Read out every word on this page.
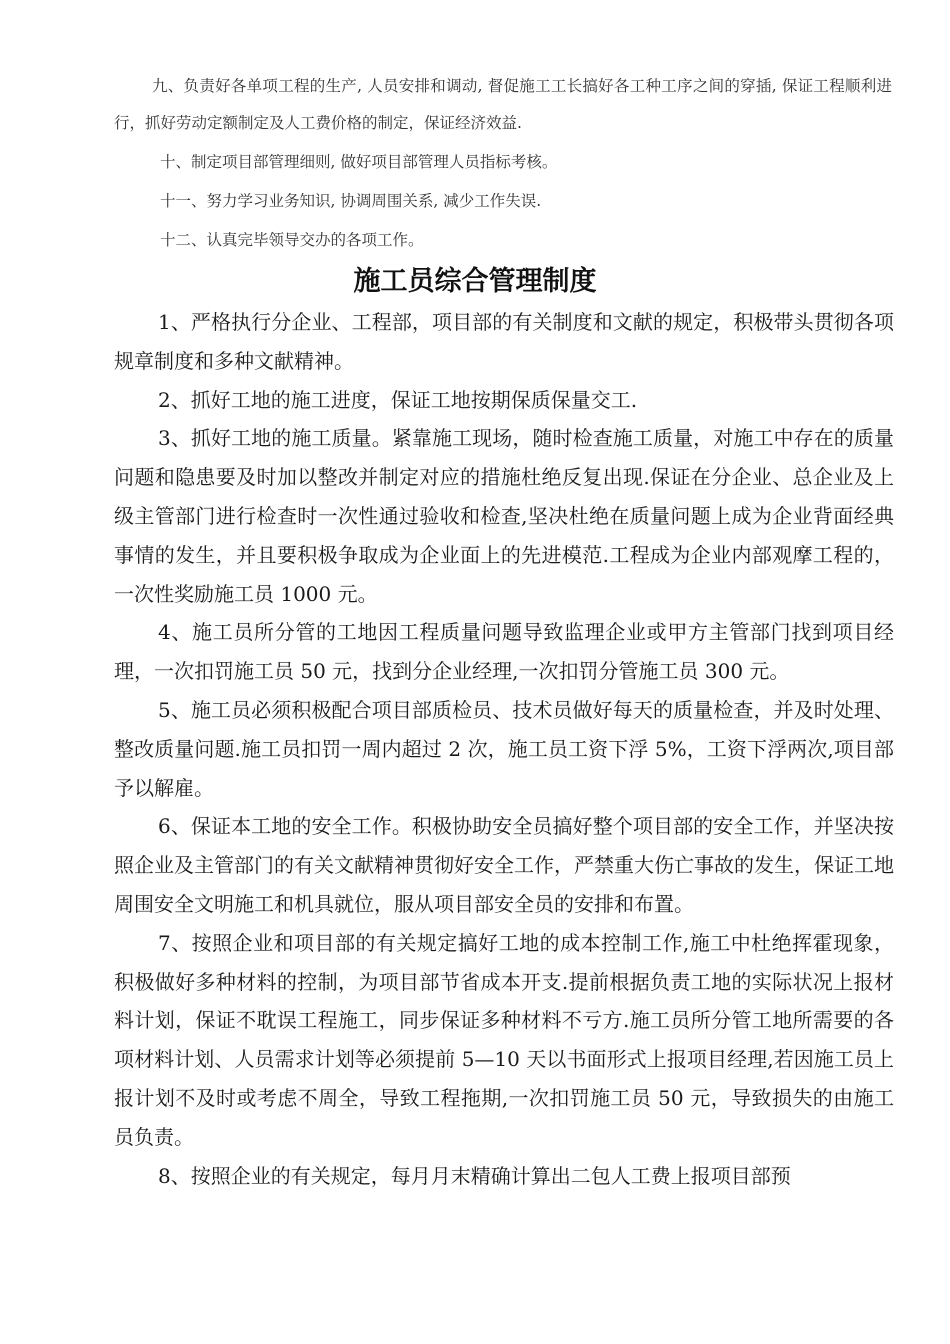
九、负责好各单项工程的生产, 人员安排和调动, 督促施工工长搞好各工种工序之间的穿插, 保证工程顺利进行，抓好劳动定额制定及人工费价格的制定，保证经济效益.

十、制定项目部管理细则, 做好项目部管理人员指标考核。

十一、努力学习业务知识, 协调周围关系, 减少工作失误.

十二、认真完毕领导交办的各项工作。

施工员综合管理制度

1、严格执行分企业、工程部，项目部的有关制度和文献的规定，积极带头贯彻各项规章制度和多种文献精神。

2、抓好工地的施工进度，保证工地按期保质保量交工.

3、抓好工地的施工质量。紧靠施工现场，随时检查施工质量，对施工中存在的质量问题和隐患要及时加以整改并制定对应的措施杜绝反复出现.保证在分企业、总企业及上级主管部门进行检查时一次性通过验收和检查,坚决杜绝在质量问题上成为企业背面经典事情的发生，并且要积极争取成为企业面上的先进模范.工程成为企业内部观摩工程的，一次性奖励施工员 1000 元。

4、施工员所分管的工地因工程质量问题导致监理企业或甲方主管部门找到项目经理，一次扣罚施工员 50 元，找到分企业经理,一次扣罚分管施工员 300 元。

5、施工员必须积极配合项目部质检员、技术员做好每天的质量检查，并及时处理、整改质量问题.施工员扣罚一周内超过 2 次，施工员工资下浮 5%，工资下浮两次,项目部予以解雇。

6、保证本工地的安全工作。积极协助安全员搞好整个项目部的安全工作，并坚决按照企业及主管部门的有关文献精神贯彻好安全工作，严禁重大伤亡事故的发生，保证工地周围安全文明施工和机具就位，服从项目部安全员的安排和布置。

7、按照企业和项目部的有关规定搞好工地的成本控制工作,施工中杜绝挥霍现象，积极做好多种材料的控制，为项目部节省成本开支.提前根据负责工地的实际状况上报材料计划，保证不耽误工程施工，同步保证多种材料不亏方.施工员所分管工地所需要的各项材料计划、人员需求计划等必须提前 5—10 天以书面形式上报项目经理,若因施工员上报计划不及时或考虑不周全，导致工程拖期,一次扣罚施工员 50 元，导致损失的由施工员负责。

8、按照企业的有关规定，每月月末精确计算出二包人工费上报项目部预
